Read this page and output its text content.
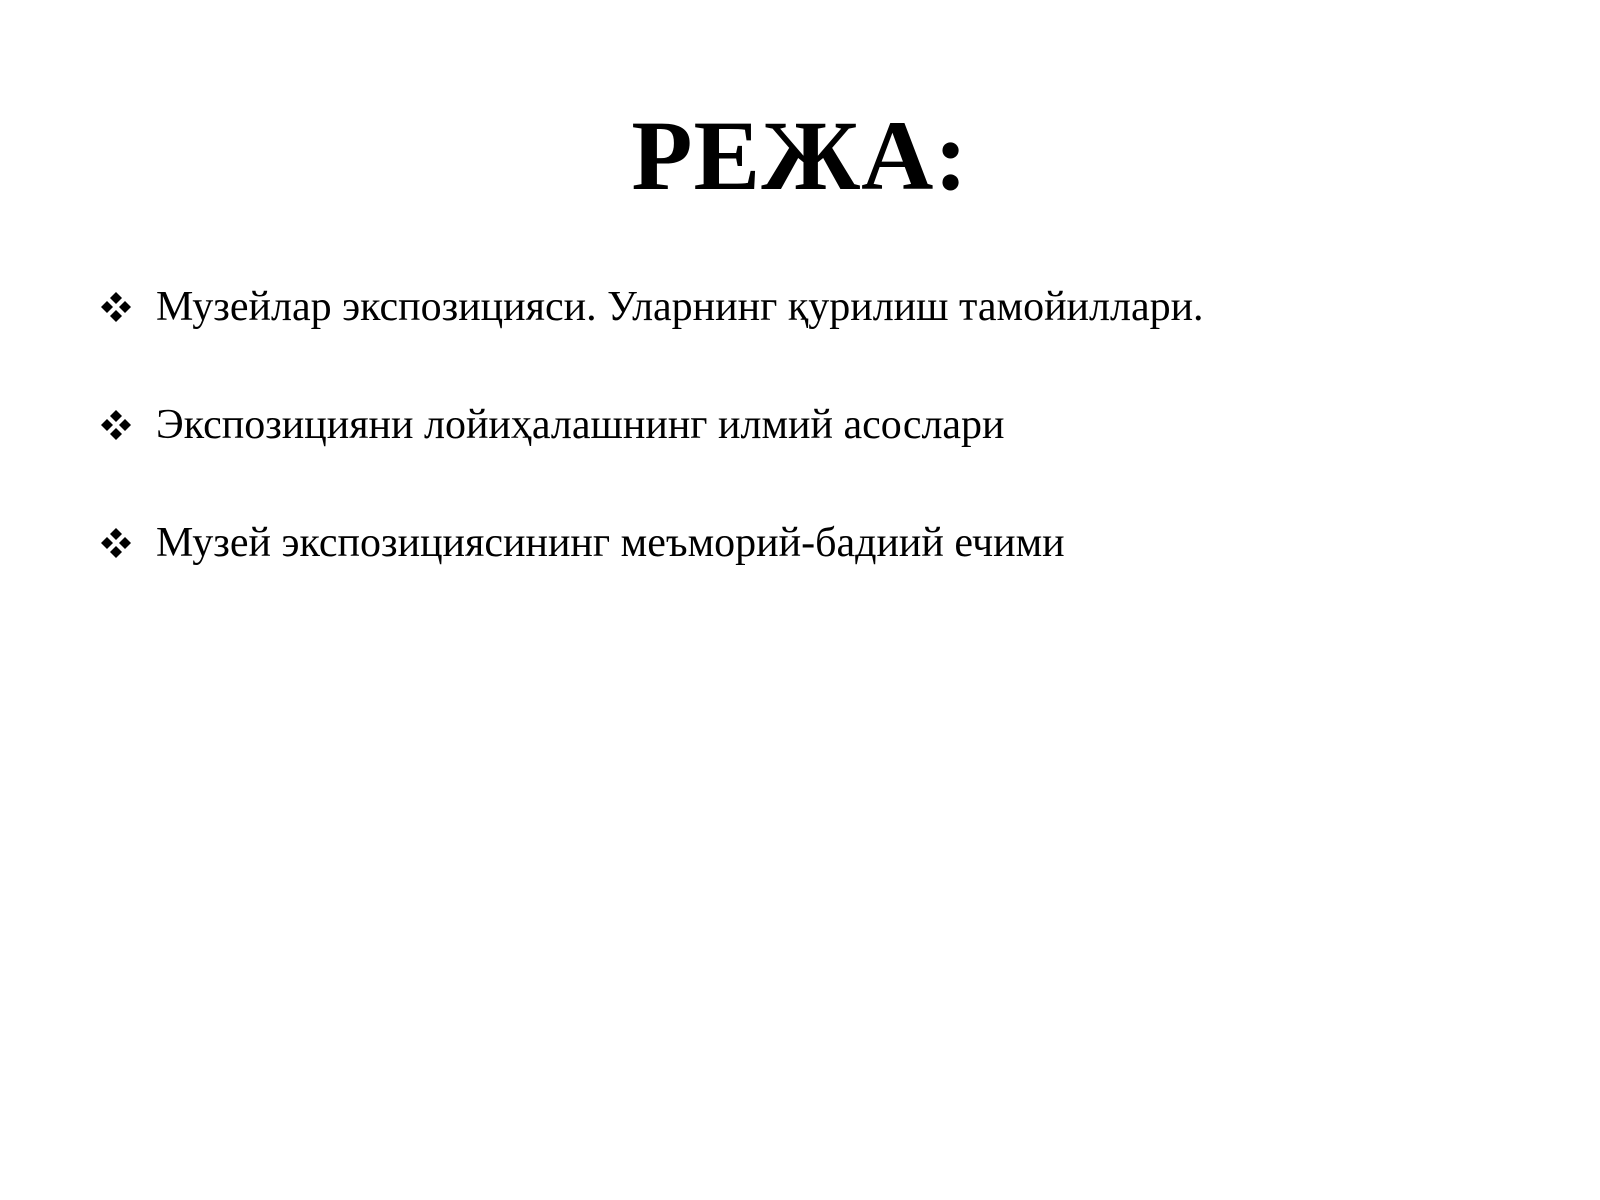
РЕЖА:
Музейлар экспозицияси. Уларнинг қурилиш тамойиллари.
Экспозицияни лойиҳалашнинг илмий асослари
Музей экспозициясининг меъморий-бадиий ечими
